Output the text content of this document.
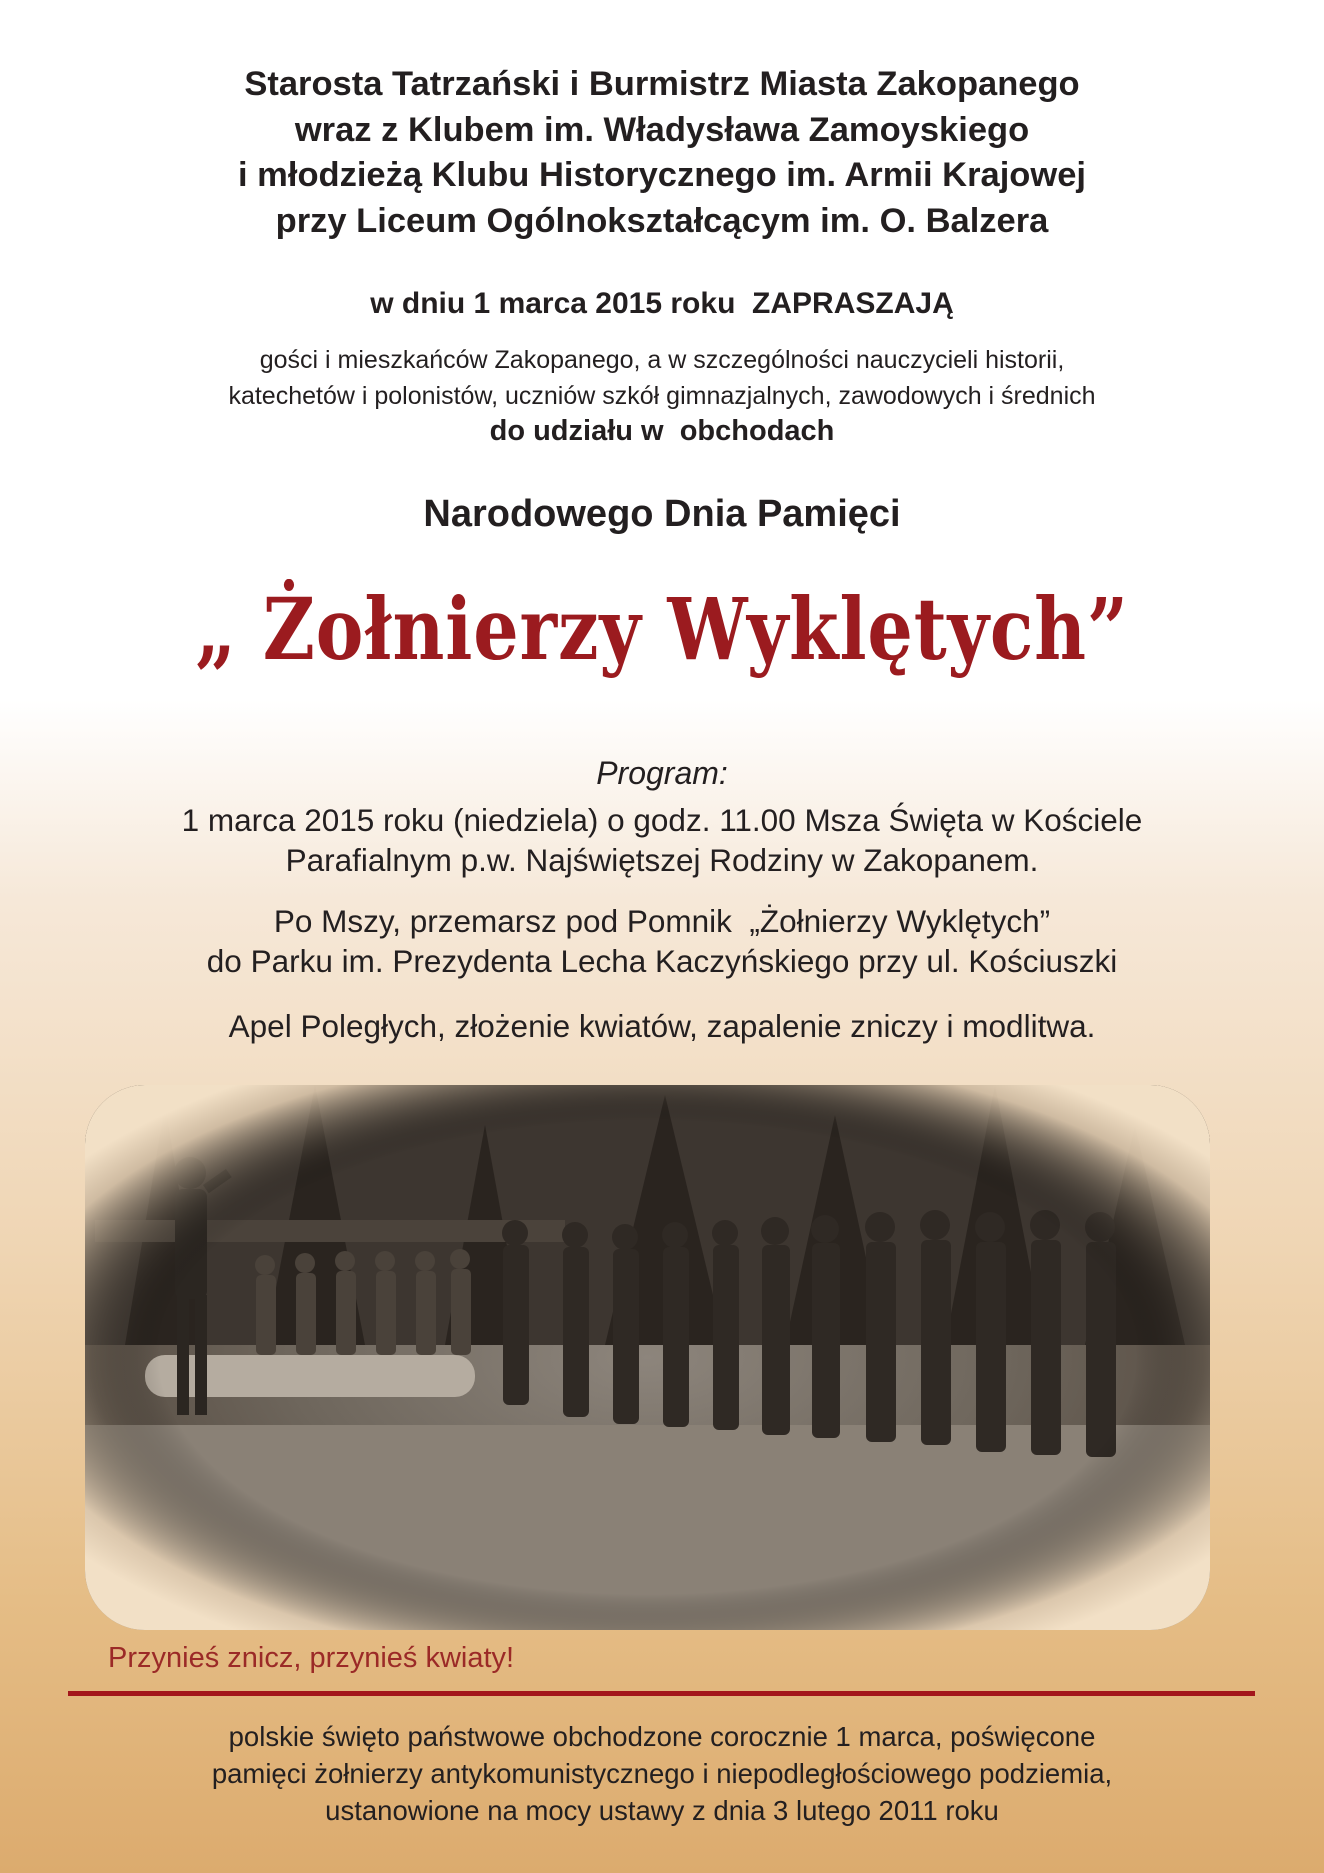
Starosta Tatrzański i Burmistrz Miasta Zakopanego
wraz z Klubem im. Władysława Zamoyskiego
i młodzieżą Klubu Historycznego im. Armii Krajowej
przy Liceum Ogólnokształcącym im. O. Balzera
w dniu 1 marca 2015 roku  ZAPRASZAJĄ
gości i mieszkańców Zakopanego, a w szczególności nauczycieli historii,
katechetów i polonistów, uczniów szkół gimnazjalnych, zawodowych i średnich
do udziału w  obchodach
Narodowego Dnia Pamięci
„ Żołnierzy Wyklętych”
Program:
1 marca 2015 roku (niedziela) o godz. 11.00 Msza Święta w Kościele
Parafialnym p.w. Najświętszej Rodziny w Zakopanem.
Po Mszy, przemarsz pod Pomnik  „Żołnierzy Wyklętych”
do Parku im. Prezydenta Lecha Kaczyńskiego przy ul. Kościuszki
Apel Poległych, złożenie kwiatów, zapalenie zniczy i modlitwa.
Przynieś znicz, przynieś kwiaty!
polskie święto państwowe obchodzone corocznie 1 marca, poświęcone
pamięci żołnierzy antykomunistycznego i niepodległościowego podziemia,
ustanowione na mocy ustawy z dnia 3 lutego 2011 roku
